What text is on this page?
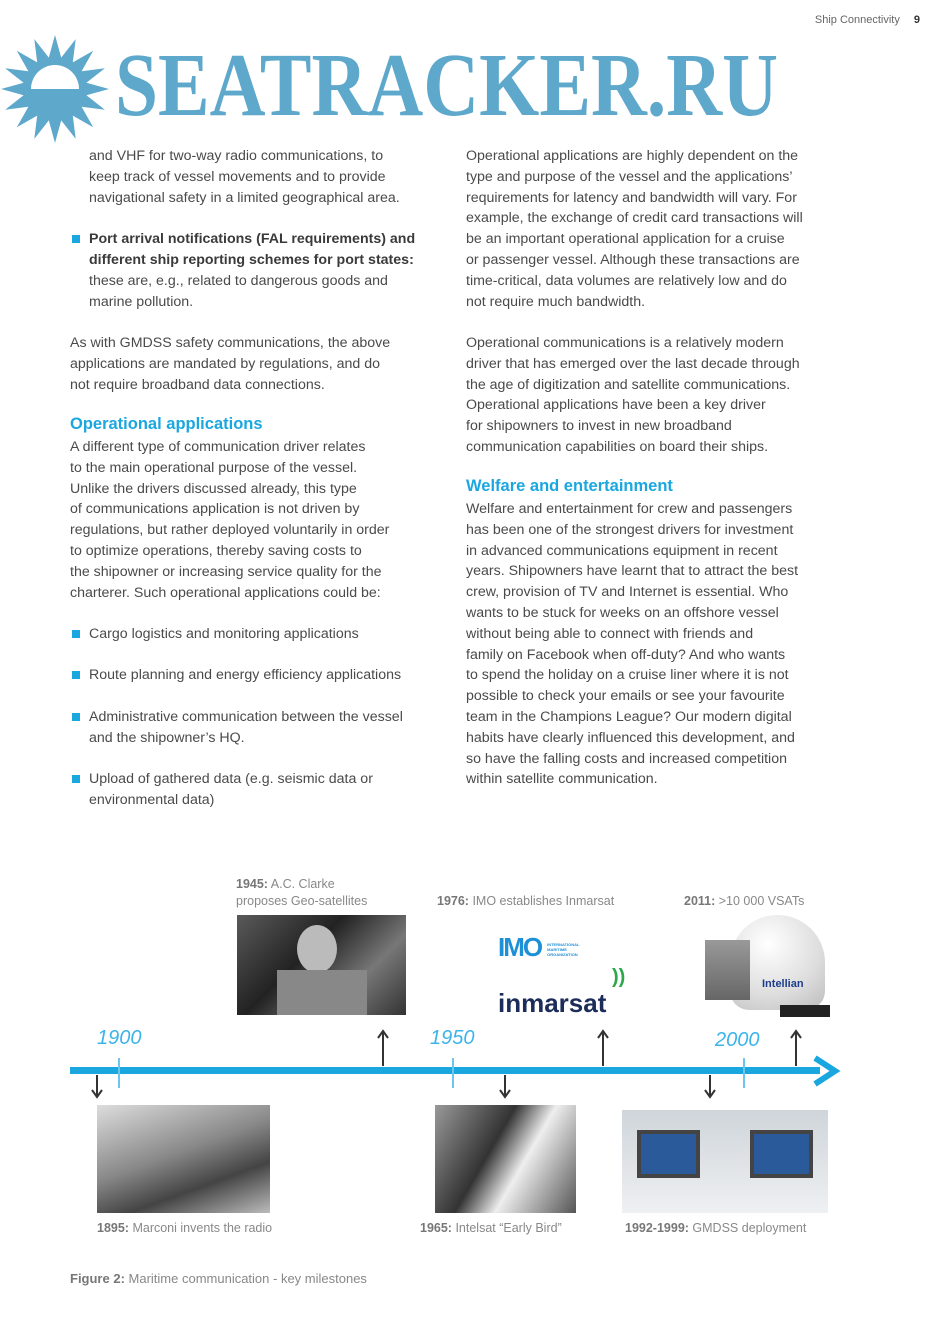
Ship Connectivity 9
SEATRACKER.RU
and VHF for two-way radio communications, to
keep track of vessel movements and to provide
navigational safety in a limited geographical area.
Port arrival notifications (FAL requirements) and
different ship reporting schemes for port states:
these are, e.g., related to dangerous goods and
marine pollution.
As with GMDSS safety communications, the above
applications are mandated by regulations, and do
not require broadband data connections.
Operational applications
A different type of communication driver relates
to the main operational purpose of the vessel.
Unlike the drivers discussed already, this type
of communications application is not driven by
regulations, but rather deployed voluntarily in order
to optimize operations, thereby saving costs to
the shipowner or increasing service quality for the
charterer. Such operational applications could be:
Cargo logistics and monitoring applications
Route planning and energy efficiency applications
Administrative communication between the vessel
and the shipowner’s HQ.
Upload of gathered data (e.g. seismic data or
environmental data)
Operational applications are highly dependent on the
type and purpose of the vessel and the applications’
requirements for latency and bandwidth will vary. For
example, the exchange of credit card transactions will
be an important operational application for a cruise
or passenger vessel. Although these transactions are
time-critical, data volumes are relatively low and do
not require much bandwidth.
Operational communications is a relatively modern
driver that has emerged over the last decade through
the age of digitization and satellite communications.
Operational applications have been a key driver
for shipowners to invest in new broadband
communication capabilities on board their ships.
Welfare and entertainment
Welfare and entertainment for crew and passengers
has been one of the strongest drivers for investment
in advanced communications equipment in recent
years. Shipowners have learnt that to attract the best
crew, provision of TV and Internet is essential. Who
wants to be stuck for weeks on an offshore vessel
without being able to connect with friends and
family on Facebook when off-duty? And who wants
to spend the holiday on a cruise liner where it is not
possible to check your emails or see your favourite
team in the Champions League? Our modern digital
habits have clearly influenced this development, and
so have the falling costs and increased competition
within satellite communication.
1945: A.C. Clarke
proposes Geo-satellites	1976: IMO establishes Inmarsat	2011: >10 000 VSATs
IMO INTERNATIONAL MARITIME ORGANIZATION
))
inmarsat
Intellian
1900	1950	2000
1895: Marconi invents the radio	1965: Intelsat “Early Bird”	1992-1999: GMDSS deployment
Figure 2: Maritime communication - key milestones
